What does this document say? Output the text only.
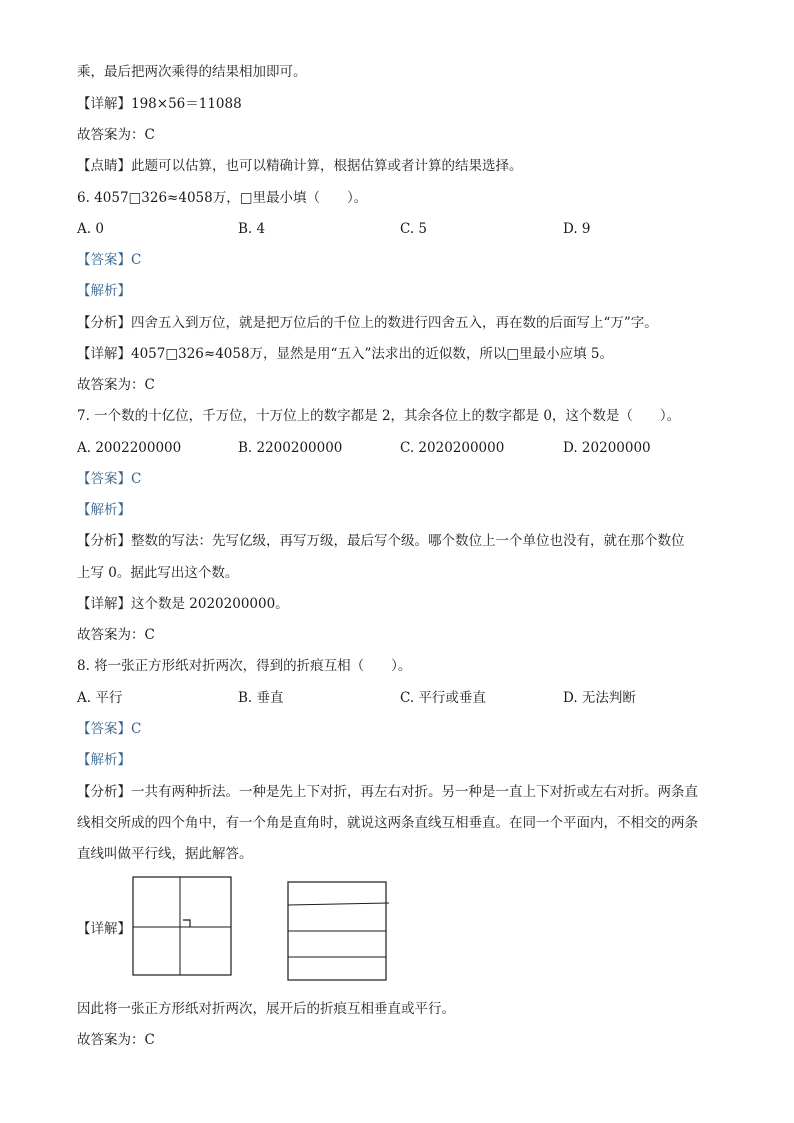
乘，最后把两次乘得的结果相加即可。
【详解】198×56＝11088
故答案为：C
【点睛】此题可以估算，也可以精确计算，根据估算或者计算的结果选择。
6. 4057□326≈4058万，□里最小填（　　）。
A. 0	B. 4	C. 5	D. 9
【答案】C
【解析】
【分析】四舍五入到万位，就是把万位后的千位上的数进行四舍五入，再在数的后面写上“万”字。
【详解】4057□326≈4058万，显然是用“五入”法求出的近似数，所以□里最小应填 5。
故答案为：C
7. 一个数的十亿位，千万位，十万位上的数字都是 2，其余各位上的数字都是 0，这个数是（　　）。
A. 2002200000	B. 2200200000	C. 2020200000	D. 20200000
【答案】C
【解析】
【分析】整数的写法：先写亿级，再写万级，最后写个级。哪个数位上一个单位也没有，就在那个数位
上写 0。据此写出这个数。
【详解】这个数是 2020200000。
故答案为：C
8. 将一张正方形纸对折两次，得到的折痕互相（　　）。
A. 平行	B. 垂直	C. 平行或垂直	D. 无法判断
【答案】C
【解析】
【分析】一共有两种折法。一种是先上下对折，再左右对折。另一种是一直上下对折或左右对折。两条直
线相交所成的四个角中，有一个角是直角时，就说这两条直线互相垂直。在同一个平面内，不相交的两条
直线叫做平行线，据此解答。
【详解】
因此将一张正方形纸对折两次，展开后的折痕互相垂直或平行。
故答案为：C
